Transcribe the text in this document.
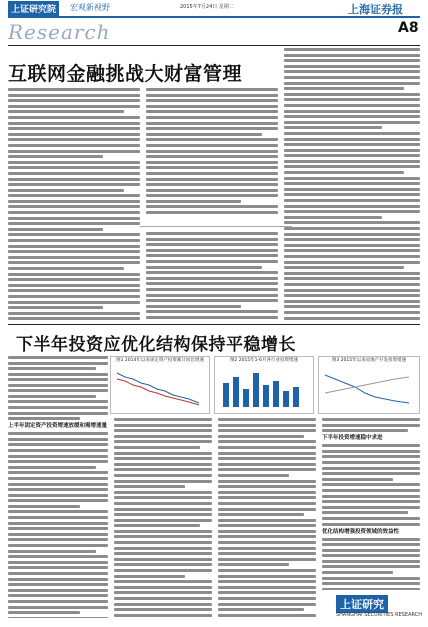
上证研究院	宏观新视野	2015年7月24日 星期二	上海证券报
Research	A8
互联网金融挑战大财富管理
下半年投资应优化结构保持平稳增长
图1 2014年以来固定资产投资累计同比增速	图2 2015年1-6月各行业投资增速	图3 2015年以来房地产开发投资增速
上半年固定资产投资增速放缓和需增速量
下半年投资增速稳中求进
优化结构增强投资领域的效益性
上证研究
SHANGHAI SECURITIES RESEARCH
